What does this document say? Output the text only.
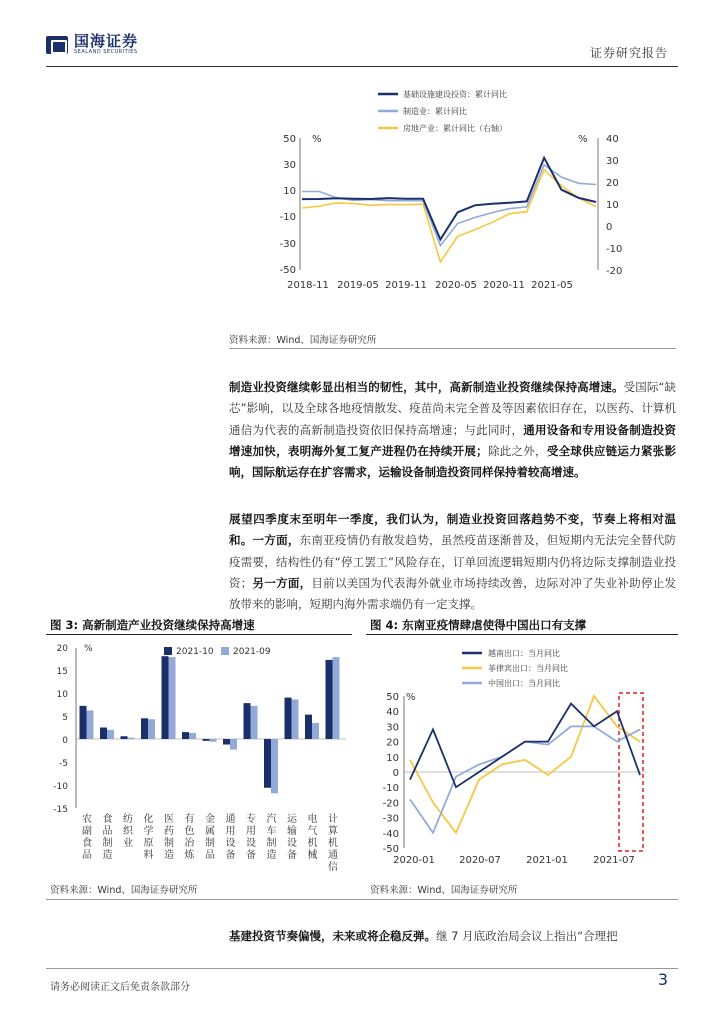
国海证券
SEALAND SECURITIES	证券研究报告
基础设施建设投资：累计同比
制造业：累计同比
房地产业：累计同比（右轴）
%	%
50
30
10
-10
-30
-50
40
30
20
10
0
-10
-20
2018-11 2019-05 2019-11 2020-05 2020-11 2021-05
资料来源：Wind、国海证券研究所
制造业投资继续彰显出相当的韧性，其中，高新制造业投资继续保持高增速。受国际“缺芯”影响，以及全球各地疫情散发、疫苗尚未完全普及等因素依旧存在，以医药、计算机通信为代表的高新制造投资依旧保持高增速；与此同时，通用设备和专用设备制造投资增速加快，表明海外复工复产进程仍在持续开展；除此之外，受全球供应链运力紧张影响，国际航运存在扩容需求，运输设备制造投资同样保持着较高增速。
展望四季度末至明年一季度，我们认为，制造业投资回落趋势不变，节奏上将相对温和。一方面，东南亚疫情仍有散发趋势，虽然疫苗逐渐普及，但短期内无法完全替代防疫需要，结构性仍有“停工罢工”风险存在，订单回流逻辑短期内仍将边际支撑制造业投资；另一方面，目前以美国为代表海外就业市场持续改善，边际对冲了失业补助停止发放带来的影响，短期内海外需求端仍有一定支撑。
图 3: 高新制造产业投资继续保持高增速	图 4: 东南亚疫情肆虐使得中国出口有支撑
%	2021-10 2021-09
20
15
10
5
0
-5
-10
-15
农
副
食
品
食
品
制
造
纺
织
业
化
学
原
料
医
药
制
造
有
色
冶
炼
金
属
制
品
通
用
设
备
专
用
设
备
汽
车
制
造
运
输
设
备
电
气
机
械
计
算
机
通
信
资料来源：Wind、国海证券研究所
越南出口：当月同比
菲律宾出口：当月同比
中国出口：当月同比
%
50
40
30
20
10
0
-10
-20
-30
-40
-50
2020-01 2020-07	2021-01	2021-07
资料来源：Wind、国海证券研究所
基建投资节奏偏慢，未来或将企稳反弹。继 7 月底政治局会议上指出“合理把
请务必阅读正文后免责条款部分	3
